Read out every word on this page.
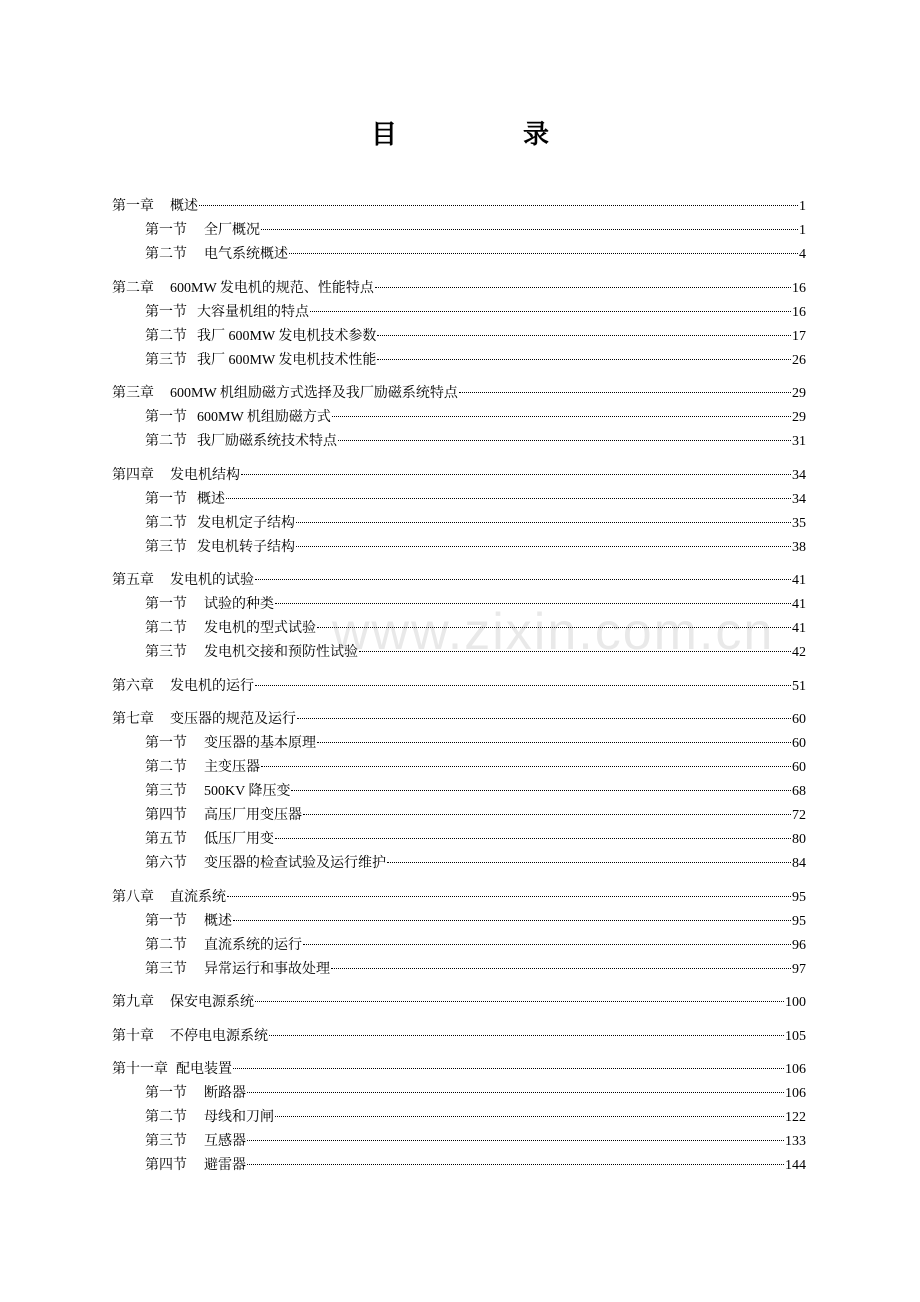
目　录
第一章	概述	1
第一节	全厂概况	1
第二节	电气系统概述	4
第二章	600MW 发电机的规范、性能特点	16
第一节 大容量机组的特点	16
第二节 我厂 600MW 发电机技术参数	17
第三节 我厂 600MW 发电机技术性能	26
第三章	600MW 机组励磁方式选择及我厂励磁系统特点	29
第一节 600MW 机组励磁方式	29
第二节 我厂励磁系统技术特点	31
第四章	发电机结构	34
第一节 概述	34
第二节 发电机定子结构	35
第三节 发电机转子结构	38
第五章	发电机的试验	41
第一节	试验的种类	41
第二节	发电机的型式试验	41
第三节	发电机交接和预防性试验	42
第六章	发电机的运行	51
第七章	变压器的规范及运行	60
第一节	变压器的基本原理	60
第二节	主变压器	60
第三节	500KV 降压变	68
第四节	高压厂用变压器	72
第五节	低压厂用变	80
第六节	变压器的检查试验及运行维护	84
第八章	直流系统	95
第一节	概述	95
第二节	直流系统的运行	96
第三节	异常运行和事故处理	97
第九章	保安电源系统	100
第十章	不停电电源系统	105
第十一章 配电装置	106
第一节	断路器	106
第二节	母线和刀闸	122
第三节	互感器	133
第四节	避雷器	144
www.zixin.com.cn
